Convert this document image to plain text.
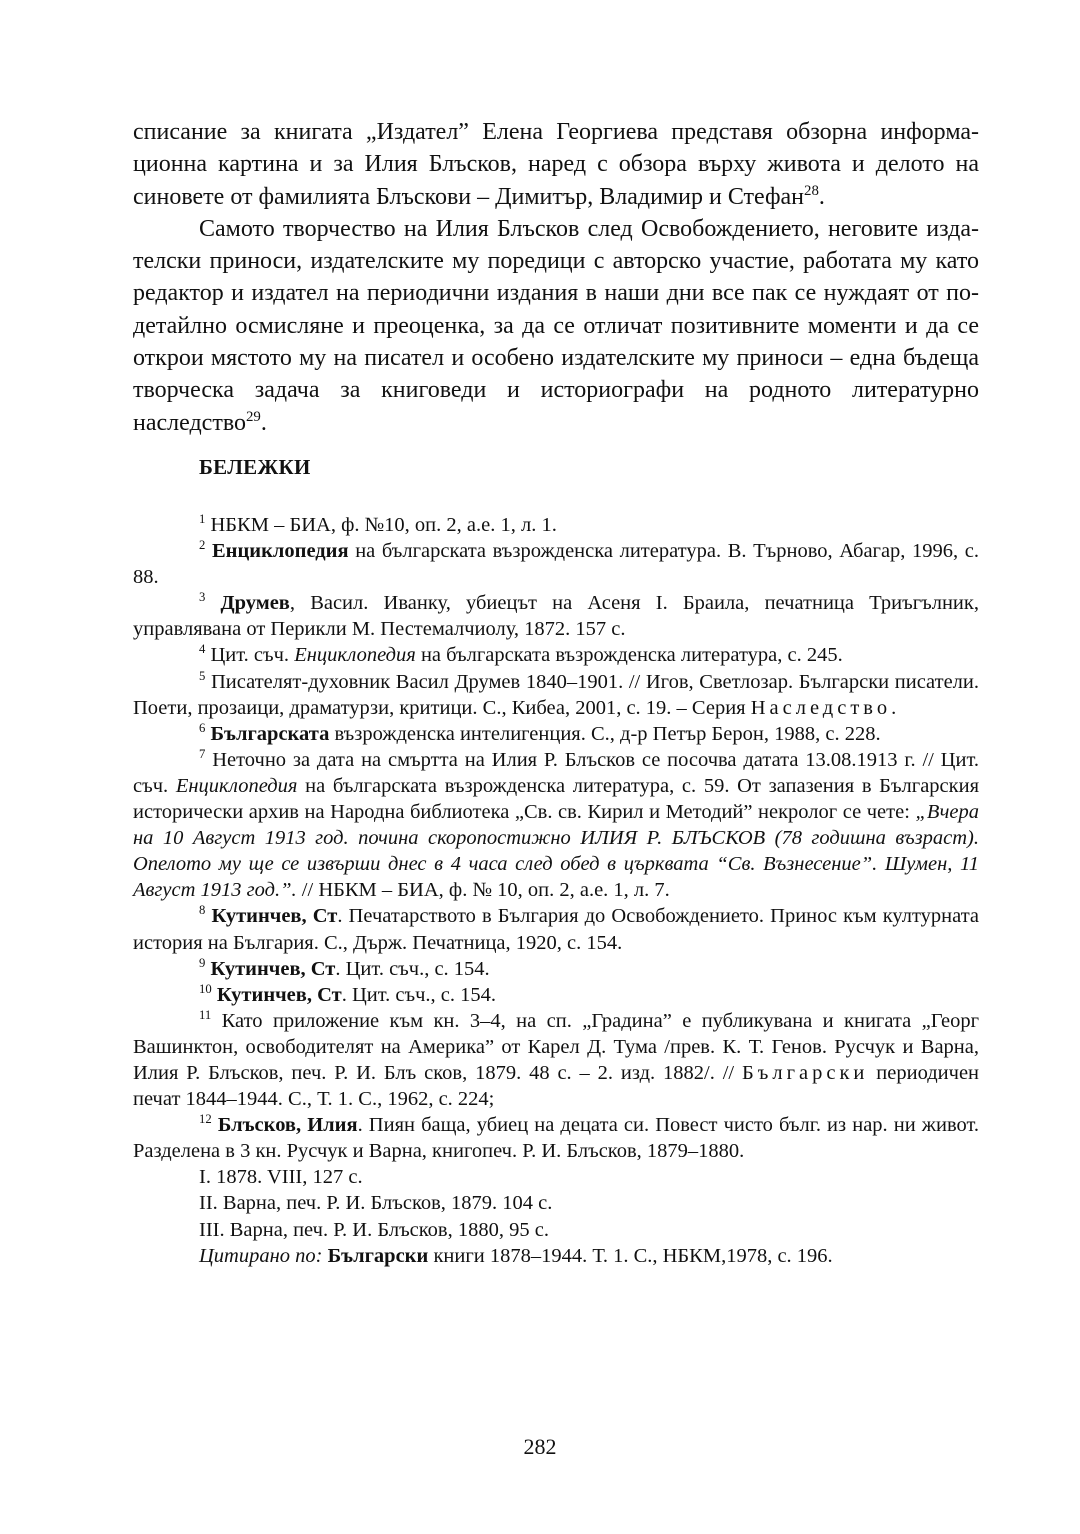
списание за книгата „Издател” Елена Георгиева представя обзорна информа-ционна картина и за Илия Блъсков, наред с обзора върху живота и делото на синовете от фамилията Блъскови – Димитър, Владимир и Стефан$^{28}$.

Самото творчество на Илия Блъсков след Освобождението, неговите изда-телски приноси, издателските му поредици с авторско участие, работата му като редактор и издател на периодични издания в наши дни все пак се нуждаят от по-детайлно осмисляне и преоценка, за да се отличат позитивните моменти и да се открои мястото му на писател и особено издателските му приноси – една бъдеща творческа задача за книговеди и историографи на родното литературно наследство$^{29}$.

БЕЛЕЖКИ

$^1$ НБКМ – БИА, ф. №10, оп. 2, а.е. 1, л. 1.

$^2$ Енциклопедия на българската възрожденска литература. В. Търново, Абагар, 1996, с. 88.

$^3$ Друмев, Васил. Иванку, убиецът на Асеня I. Браила, печатница Триъгълник, управлявана от Перикли М. Пестемалчиолу, 1872. 157 с.

$^4$ Цит. съч. Енциклопедия на българската възрожденска литература, с. 245.

$^5$ Писателят-духовник Васил Друмев 1840–1901. // Игов, Светлозар. Български писатели. Поети, прозаици, драматурзи, критици. С., Кибеа, 2001, с. 19. – Серия Наследство.

$^6$ Българската възрожденска интелигенция. С., д-р Петър Берон, 1988, с. 228.

$^7$ Неточно за дата на смъртта на Илия Р. Блъсков се посочва датата 13.08.1913 г. // Цит. съч. Енциклопедия на българската възрожденска литература, с. 59. От запазения в Българския исторически архив на Народна библиотека „Св. св. Кирил и Методий” некролог се чете: „Вчера на 10 Август 1913 год. почина скоропостижно ИЛИЯ Р. БЛЪСКОВ (78 годишна възраст). Опелото му ще се извърши днес в 4 часа след обед в църквата “Св. Възнесение”. Шумен, 11 Август 1913 год.”. // НБКМ – БИА, ф. № 10, оп. 2, а.е. 1, л. 7.

$^8$ Кутинчев, Ст. Печатарството в България до Освобождението. Принос към културната история на България. С., Държ. Печатница, 1920, с. 154.

$^9$ Кутинчев, Ст. Цит. съч., с. 154.

$^{10}$ Кутинчев, Ст. Цит. съч., с. 154.

$^{11}$ Като приложение към кн. 3–4, на сп. „Градина” е публикувана и книгата „Георг Вашинктон, освободителят на Америка” от Карел Д. Тума /прев. К. Т. Генов. Русчук и Варна, Илия Р. Блъсков, печ. Р. И. Блъ сков, 1879. 48 с. – 2. изд. 1882/. // Български периодичен печат 1844–1944. С., Т. 1. С., 1962, с. 224;

$^{12}$ Блъсков, Илия. Пиян баща, убиец на децата си. Повест чисто бълг. из нар. ни живот. Разделена в 3 кн. Русчук и Варна, книгопеч. Р. И. Блъсков, 1879–1880.

I. 1878. VIII, 127 с.

II. Варна, печ. Р. И. Блъсков, 1879. 104 с.

III. Варна, печ. Р. И. Блъсков, 1880, 95 с.

Цитирано по: Български книги 1878–1944. Т. 1. С., НБКМ,1978, с. 196.

282
